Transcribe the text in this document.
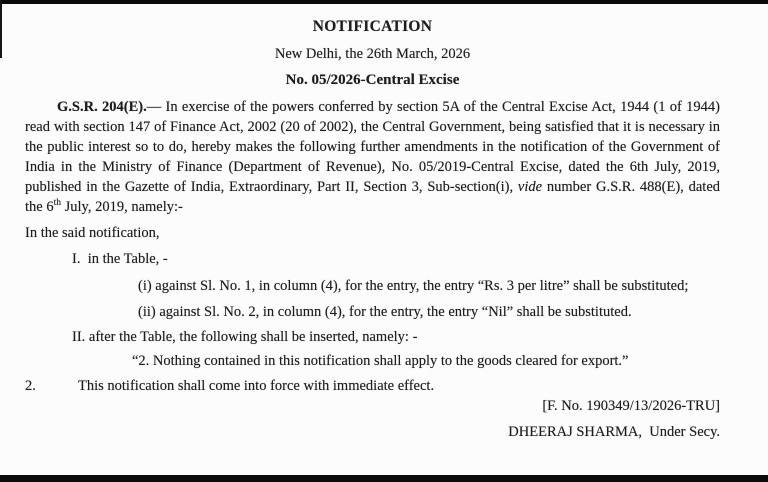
NOTIFICATION

New Delhi, the 26th March, 2026

No. 05/2026-Central Excise

G.S.R. 204(E).— In exercise of the powers conferred by section 5A of the Central Excise Act, 1944 (1 of 1944) read with section 147 of Finance Act, 2002 (20 of 2002), the Central Government, being satisfied that it is necessary in the public interest so to do, hereby makes the following further amendments in the notification of the Government of India in the Ministry of Finance (Department of Revenue), No. 05/2019-Central Excise, dated the 6th July, 2019, published in the Gazette of India, Extraordinary, Part II, Section 3, Sub-section(i), vide number G.S.R. 488(E), dated the 6th July, 2019, namely:-

In the said notification,

I.  in the Table, -

(i) against Sl. No. 1, in column (4), for the entry, the entry “Rs. 3 per litre” shall be substituted;

(ii) against Sl. No. 2, in column (4), for the entry, the entry “Nil” shall be substituted.

II. after the Table, the following shall be inserted, namely: -

“2. Nothing contained in this notification shall apply to the goods cleared for export.”

2.	This notification shall come into force with immediate effect.

[F. No. 190349/13/2026-TRU]

DHEERAJ SHARMA,  Under Secy.
